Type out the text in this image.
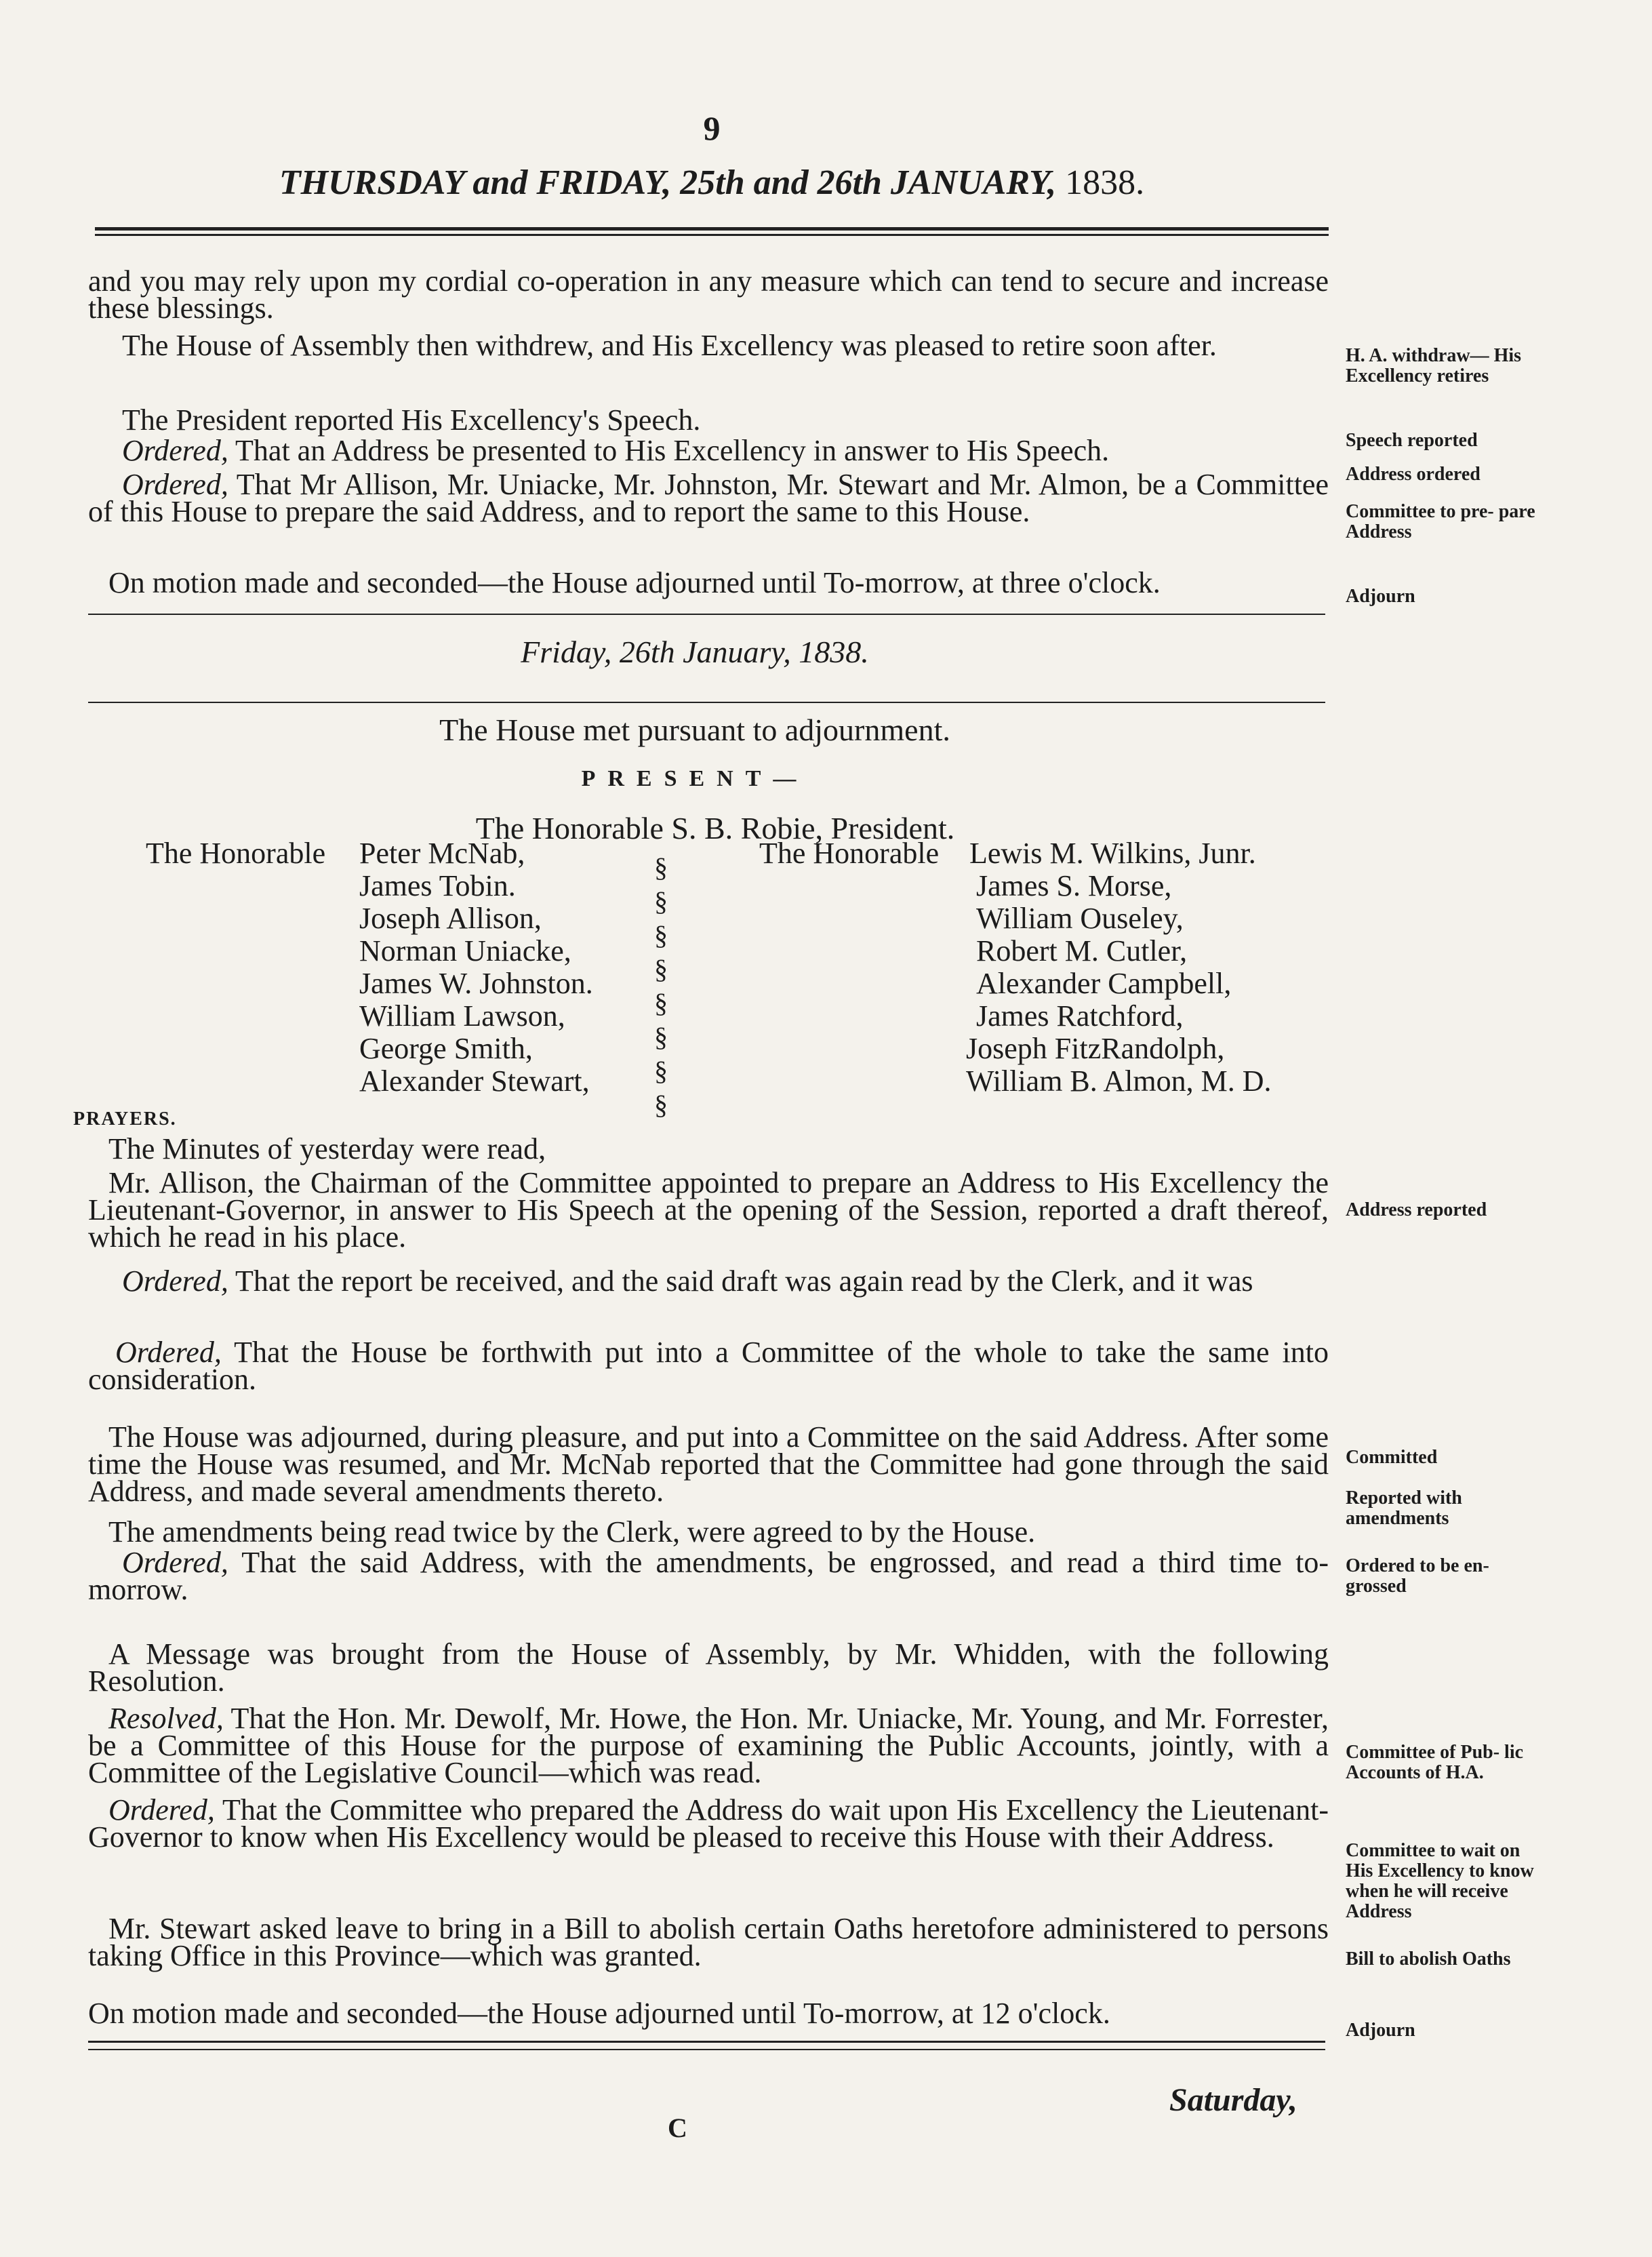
9
THURSDAY and FRIDAY, 25th and 26th JANUARY, 1838.
and you may rely upon my cordial co-operation in any measure which can tend to secure and increase these blessings.
The House of Assembly then withdrew, and His Excellency was pleased to retire soon after.
The President reported His Excellency's Speech.
Ordered, That an Address be presented to His Excellency in answer to His Speech.
Ordered, That Mr Allison, Mr. Uniacke, Mr. Johnston, Mr. Stewart and Mr. Almon, be a Committee of this House to prepare the said Address, and to report the same to this House.
On motion made and seconded—the House adjourned until To-morrow, at three o'clock.
H. A. withdraw— His Excellency retires
Speech reported
Address ordered
Committee to pre- pare Address
Adjourn
Friday, 26th January, 1838.
The House met pursuant to adjournment.
PRESENT—
The Honorable S. B. Robie, President.
The Honorable Peter McNab,
James Tobin.
Joseph Allison,
Norman Uniacke,
James W. Johnston.
William Lawson,
George Smith,
Alexander Stewart,
§
§
§
§
§
§
§
§
The Honorable Lewis M. Wilkins, Junr.
James S. Morse,
William Ouseley,
Robert M. Cutler,
Alexander Campbell,
James Ratchford,
Joseph FitzRandolph,
William B. Almon, M. D.
PRAYERS.
The Minutes of yesterday were read,
Mr. Allison, the Chairman of the Committee appointed to prepare an Address to His Excellency the Lieutenant-Governor, in answer to His Speech at the opening of the Session, reported a draft thereof, which he read in his place.
Ordered, That the report be received, and the said draft was again read by the Clerk, and it was
Ordered, That the House be forthwith put into a Committee of the whole to take the same into consideration.
The House was adjourned, during pleasure, and put into a Committee on the said Address. After some time the House was resumed, and Mr. McNab reported that the Committee had gone through the said Address, and made several amendments thereto.
The amendments being read twice by the Clerk, were agreed to by the House.
Ordered, That the said Address, with the amendments, be engrossed, and read a third time to-morrow.
A Message was brought from the House of Assembly, by Mr. Whidden, with the following Resolution.
Resolved, That the Hon. Mr. Dewolf, Mr. Howe, the Hon. Mr. Uniacke, Mr. Young, and Mr. Forrester, be a Committee of this House for the purpose of examining the Public Accounts, jointly, with a Committee of the Legislative Council—which was read.
Ordered, That the Committee who prepared the Address do wait upon His Excellency the Lieutenant-Governor to know when His Excellency would be pleased to receive this House with their Address.
Mr. Stewart asked leave to bring in a Bill to abolish certain Oaths heretofore administered to persons taking Office in this Province—which was granted.
On motion made and seconded—the House adjourned until To-morrow, at 12 o'clock.
Address reported
Committed
Reported with amendments
Ordered to be en- grossed
Committee of Pub- lic Accounts of H.A.
Committee to wait on His Excellency to know when he will receive Address
Bill to abolish Oaths
Adjourn
Saturday,
C
